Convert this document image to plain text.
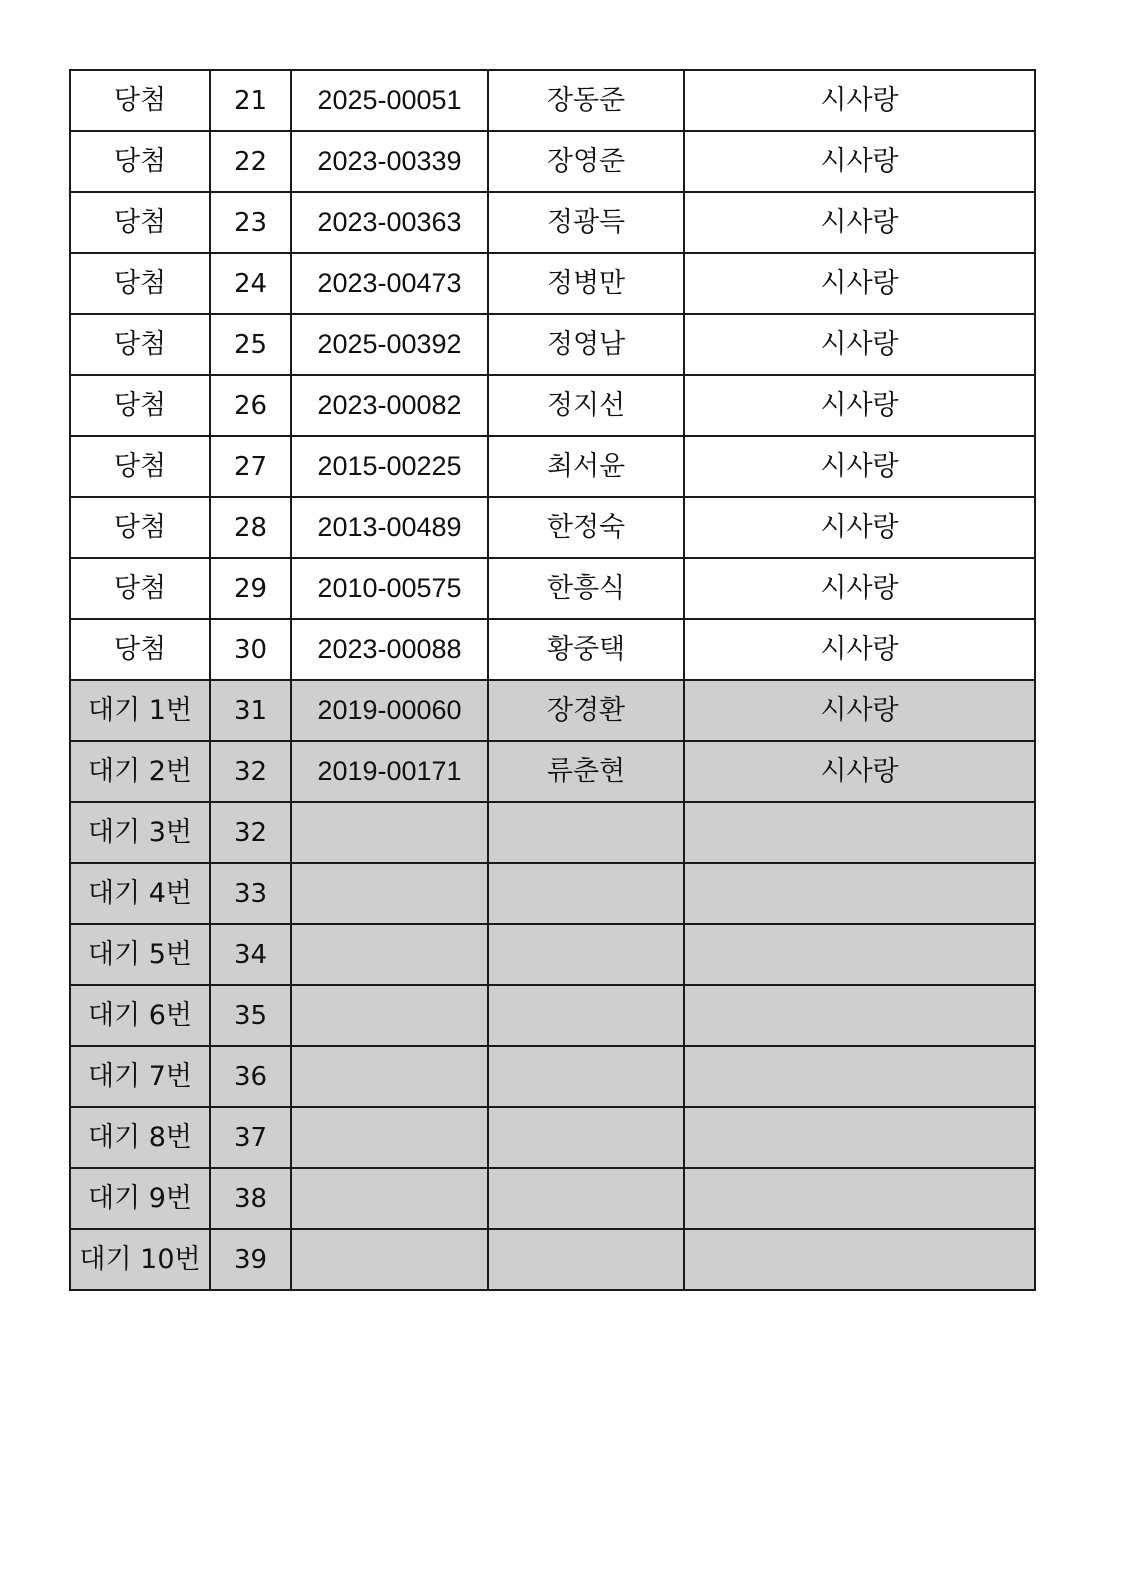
당첨	21	2025-00051	장동준	시사랑
당첨	22	2023-00339	장영준	시사랑
당첨	23	2023-00363	정광득	시사랑
당첨	24	2023-00473	정병만	시사랑
당첨	25	2025-00392	정영남	시사랑
당첨	26	2023-00082	정지선	시사랑
당첨	27	2015-00225	최서윤	시사랑
당첨	28	2013-00489	한정숙	시사랑
당첨	29	2010-00575	한흥식	시사랑
당첨	30	2023-00088	황중택	시사랑
대기 1번	31	2019-00060	장경환	시사랑
대기 2번	32	2019-00171	류춘현	시사랑
대기 3번	32			
대기 4번	33			
대기 5번	34			
대기 6번	35			
대기 7번	36			
대기 8번	37			
대기 9번	38			
대기 10번	39			
